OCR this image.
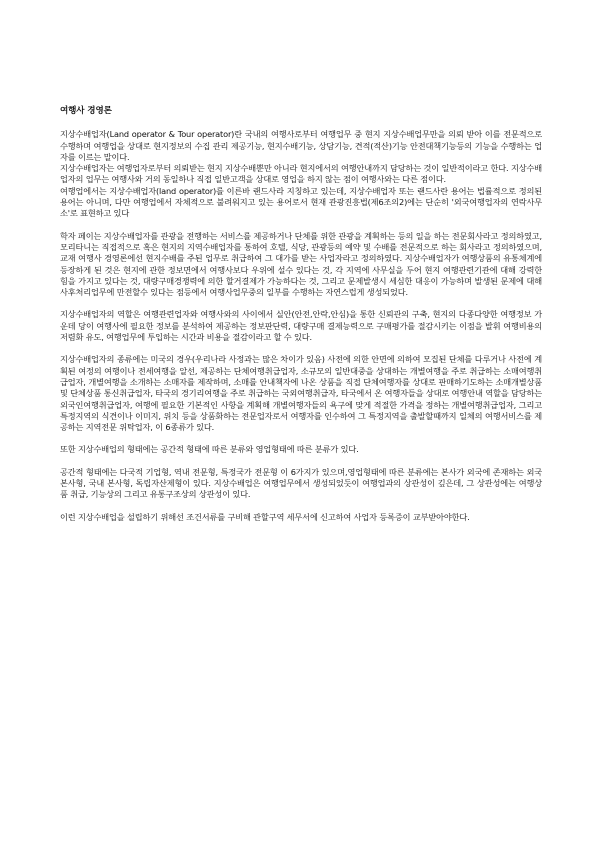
여행사 경영론
지상수배업자(Land operator & Tour operator)란 국내의 여행사로부터 여행업무 중 현지 지상수배업무만을 의뢰 받아 이를 전문적으로 수행하며 여행업을 상대로 현지정보의 수집 관리 제공기능, 현지수배기능, 상담기능, 견적(적산)기능 안전대책기능등의 기능을 수행하는 업자를 이르는 말이다.
지상수배업자는 여행업자로부터 의뢰받는 현지 지상수배뿐만 아니라 현지에서의 여행안내까지 담당하는 것이 일반적이라고 한다. 지상수배업자의 업무는 여행사와 거의 동일하나 직접 일반고객을 상대로 영업을 하지 않는 점이 여행사와는 다른 점이다.
여행업에서는 지상수배업자(land operator)를 이른바 랜드사라 지칭하고 있는데, 지상수배업자 또는 랜드사란 용어는 법률적으로 정의된 용어는 아니며, 다만 여행업에서 자체적으로 불려워지고 있는 용어로서 현재 관광진흥법(제6조의2)에는 단순히 '외국여행업자의 연락사무소'로 표현하고 있다
학자 페이는 지상수배업자를 관광을 전행하는 서비스를 제공하거나 단체를 위한 관광을 계획하는 등의 일을 하는 전문회사라고 정의하였고, 모리타니는 직접적으로 혹은 현지의 지역수배업자를 통하여 호텔, 식당, 관광등의 예약 및 수배를 전문적으로 하는 회사라고 정의하였으며, 교재 여행사 경영론에선 현지수배를 주된 업무로 취급하여 그 대가를 받는 사업자라고 정의하였다. 지상수배업자가 여행상품의 유통체계에 등장하게 된 것은 현지에 관한 정보면에서 여행사보다 우위에 설수 있다는 것, 각 지역에 사무실을 두어 현지 여행관련기관에 대해 강력한 힘을 가지고 있다는 것, 대량구매경쟁력에 의한 할거결제가 가능하다는 것, 그리고 문제발생시 세심한 대응이 가능하며 발생된 문제에 대해 사후처리업무에 만전할수 있다는 점등에서 여행사업무중의 일부를 수행하는 자연스럽게 생성되었다.
지상수배업자의 역할은 여행관련업자와 여행사와의 사이에서 실안(안전,안락,안심)을 통한 신뢰관의 구축, 현지의 다종다양한 여행정보 가운데 당이 여행사에 필요한 정보를 분석하여 제공하는 정보판단력, 대량구매 결제능력으로 구매평가를 절감시키는 이점을 발휘 여행비용의 저렴화 유도, 여행업무에 투입하는 시간과 비용을 절감이라고 할 수 있다.
지상수배업자의 종류에는 미국의 경우(우리나라 사정과는 많은 차이가 있음) 사전에 의한 안면에 의하여 모집된 단체를 다루거나 사전에 계획된 여정의 여행이나 전세여행을 알선, 제공하는 단체여행취급업자, 소규모의 일반대중을 상대하는 개별여행을 주로 취급하는 소매여행취급업자, 개별여행을 소개하는 소매자를 제작하며, 소매를 안내책자에 나온 상품을 직접 단체여행자를 상대로 판매하기도하는 소매개별상품 및 단체상품 통신취급업자, 타국의 경기리여행을 주로 취급하는 국외여행취급자, 타국에서 온 여행자들을 상대로 여행안내 역할을 담당하는 외국인여행취급업자, 여행에 필요한 기본적인 사항을 계획해 개별여행자들의 욕구에 맞게 적절한 가격을 정하는 개별여행취급업자, 그리고 특정지역의 식견이나 이미지, 위치 등을 상품화하는 전문업자로서 여행자를 인수하여 그 특정지역을 출발할때까지 일체의 여행서비스를 제공하는 지역전문 위탁업자, 이 6종류가 있다.
또한 지상수배업의 형태에는 공간적 형태에 따른 분류와 영업형태에 따른 분류가 있다.
공간적 형태에는 다국적 기업형, 역내 전문형, 특정국가 전문형 이 6가지가 있으며,영업형태에 따른 분류에는 본사가 외국에 존재하는 외국 본사형, 국내 본사형, 독립자산제형이 있다. 지상수배업은 여행업무에서 생성되었듯이 여행업과의 상관성이 깊은데, 그 상관성에는 여행상품 취급, 기능상의 그리고 유통구조상의 상관성이 있다.
이런 지상수배업을 설립하기 위해선 조건서류를 구비해 관할구역 세무서에 신고하여 사업자 등록증이 교부받아야한다.
